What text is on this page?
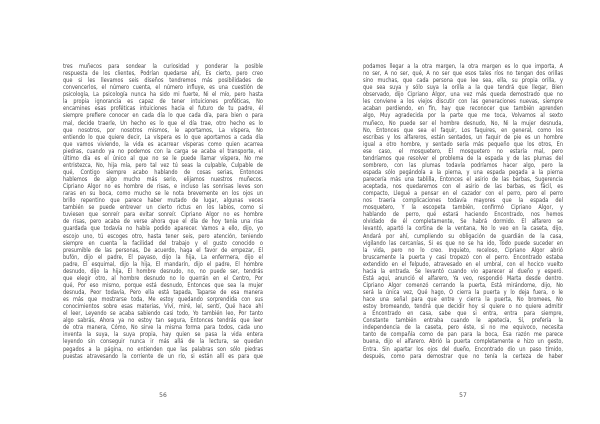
tres muñecos para sondear la curiosidad y ponderar la posible
respuesta de los clientes, Podrían quedarse ahí, Es cierto, pero creo
que si les llevamos seis diseños tendremos más posibilidades de
convencerlos, el número cuenta, el número influye, es una cuestión de
psicología, La psicología nunca ha sido mi fuerte, Ni el mío, pero hasta
la propia ignorancia es capaz de tener intuiciones proféticas, No
encamines esas proféticas intuiciones hacia el futuro de tu padre, él
siempre prefiere conocer en cada día lo que cada día, para bien o para
mal, decide traerle, Un hecho es lo que el día trae, otro hecho es lo
que nosotros, por nosotros mismos, le aportamos, La víspera, No
entiendo lo que quiere decir, La víspera es lo que aportamos a cada día
que vamos viviendo, la vida es acarrear vísperas como quien acarrea
piedras, cuando ya no podemos con la carga se acaba el transporte, el
último día es el único al que no se le puede llamar víspera, No me
entristezca, No, hija mía, pero tal vez tú seas la culpable, Culpable de
qué, Contigo siempre acabo hablando de cosas serias, Entonces
hablemos de algo mucho más serio, elijamos nuestros muñecos.
Cipriano Algor no es hombre de risas, e incluso las sonrisas leves son
raras en su boca, como mucho se le nota brevemente en los ojos un
brillo repentino que parece haber mutado de lugar, algunas veces
también se puede entrever un cierto rictus en los labios, como si
tuviesen que sonreír para evitar sonreír. Cipriano Algor no es hombre
de risas, pero acaba de verse ahora que el día de hoy tenía una risa
guardada que todavía no había podido aparecer. Vamos a ello, dijo, yo
escojo uno, tú escoges otro, hasta tener seis, pero atención, teniendo
siempre en cuenta la facilidad del trabajo y el gusto conocido o
presumible de las personas, De acuerdo, haga el favor de empezar, El
bufón, dijo el padre, El payaso, dijo la hija, La enfermera, dijo el
padre, El esquimal, dijo la hija, El mandarín, dijo el padre, El hombre
desnudo, dijo la hija, El hombre desnudo, no, no puede ser, tendrás
que elegir otro, al hombre desnudo no lo querrán en el Centro, Por
qué, Por eso mismo, porque está desnudo, Entonces que sea la mujer
desnuda, Peor todavía, Pero ella está tapada, Taparse de esa manera
es más que mostrarse toda, Me estoy quedando sorprendida con sus
conocimientos sobre esas materias, Viví, miré, leí, sentí, Qué hace ahí
el leer, Leyendo se acaba sabiendo casi todo, Yo también leo, Por tanto
algo sabrás, Ahora ya no estoy tan segura, Entonces tendrás que leer
de otra manera, Cómo, No sirve la misma forma para todos, cada uno
inventa la suya, la suya propia, hay quien se pasa la vida entera
leyendo sin conseguir nunca ir más allá de la lectura, se quedan
pegados a la página, no entienden que las palabras son sólo piedras
puestas atravesando la corriente de un río, si están allí es para que
podamos llegar a la otra margen, la otra margen es lo que importa, A
no ser, A no ser, qué, A no ser que esos tales ríos no tengan dos orillas
sino muchas, que cada persona que lee sea, ella, su propia orilla, y
que sea suya y sólo suya la orilla a la que tendrá que llegar, Bien
observado, dijo Cipriano Algor, una vez más queda demostrado que no
les conviene a los viejos discutir con las generaciones nuevas, siempre
acaban perdiendo, en fin, hay que reconocer que también aprenden
algo, Muy agradecida por la parte que me toca, Volvamos al sexto
muñeco, No puede ser el hombre desnudo, No, Ni la mujer desnuda,
No, Entonces que sea el faquir, Los faquires, en general, como los
escribas y los alfareros, están sentados, un faquir de pie es un hombre
igual a otro hombre, y sentado sería más pequeño que los otros, En
ese caso, el mosquetero, El mosquetero no estaría mal, pero
tendríamos que resolver el problema de la espada y de las plumas del
sombrero, con las plumas todavía podríamos hacer algo, pero la
espada sólo pegándola a la pierna, y una espada pegada a la pierna
parecería más una tablilla, Entonces el asirio de las barbas, Sugerencia
aceptada, nos quedaremos con el asirio de las barbas, es fácil, es
compacto, Llegué a pensar en el cazador con el perro, pero el perro
nos traería complicaciones todavía mayores que la espada del
mosquetero, Y la escopeta también, confirmó Cipriano Algor, y
hablando de perro, qué estará haciendo Encontrado, nos hemos
olvidado de él completamente, Se habrá dormido. El alfarero se
levantó, apartó la cortina de la ventana, No lo veo en la caseta, dijo,
Andará por ahí, cumpliendo su obligación de guardián de la casa,
vigilando las cercanías, Si es que no se ha ido, Todo puede suceder en
la vida, pero no lo creo. Inquieto, receloso, Cipriano Algor abrió
bruscamente la puerta y casi tropezó con el perro. Encontrado estaba
extendido en el felpudo, atravesado en el umbral, con el hocico vuelto
hacia la entrada. Se levantó cuando vio aparecer al dueño y esperó.
Está aquí, anunció el alfarero, Ya veo, respondió Marta desde dentro.
Cipriano Algor comenzó cerrando la puerta, Está mirándome, dijo, No
será la única vez, Qué hago, O cierra la puerta y lo deja fuera, o le
hace una señal para que entre y cierra la puerta, No bromees, No
estoy bromeando, tendrá que decidir hoy si quiere o no quiere admitir
a Encontrado en casa, sabe que si entra, entra para siempre,
Constante también entraba cuando le apetecía, Sí, prefería la
independencia de la caseta, pero éste, si no me equivoco, necesita
tanto de compañía como de pan para la boca, Esa razón me parece
buena, dijo el alfarero. Abrió la puerta completamente e hizo un gesto,
Entra. Sin apartar los ojos del dueño, Encontrado dio un paso tímido,
después, como para demostrar que no tenía la certeza de haber
56	57
